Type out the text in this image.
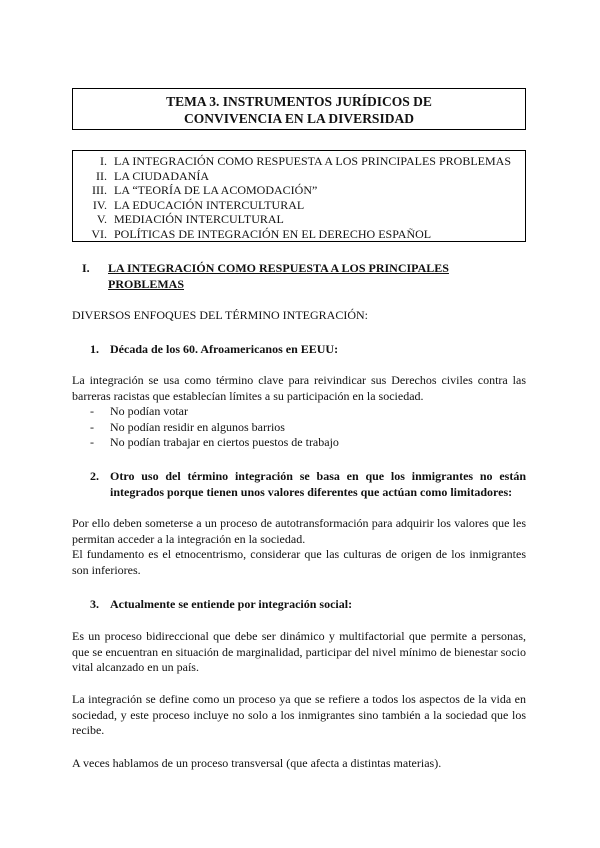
TEMA 3. INSTRUMENTOS JURÍDICOS DE
CONVIVENCIA EN LA DIVERSIDAD
I. LA INTEGRACIÓN COMO RESPUESTA A LOS PRINCIPALES PROBLEMAS
II. LA CIUDADANÍA
III. LA “TEORÍA DE LA ACOMODACIÓN”
IV. LA EDUCACIÓN INTERCULTURAL
V. MEDIACIÓN INTERCULTURAL
VI. POLÍTICAS DE INTEGRACIÓN EN EL DERECHO ESPAÑOL
I.	LA INTEGRACIÓN COMO RESPUESTA A LOS PRINCIPALES PROBLEMAS
DIVERSOS ENFOQUES DEL TÉRMINO INTEGRACIÓN:
1. Década de los 60. Afroamericanos en EEUU:
La integración se usa como término clave para reivindicar sus Derechos civiles contra las barreras racistas que establecían límites a su participación en la sociedad.
-	No podían votar
-	No podían residir en algunos barrios
-	No podían trabajar en ciertos puestos de trabajo
2. Otro uso del término integración se basa en que los inmigrantes no están integrados porque tienen unos valores diferentes que actúan como limitadores:
Por ello deben someterse a un proceso de autotransformación para adquirir los valores que les permitan acceder a la integración en la sociedad.
El fundamento es el etnocentrismo, considerar que las culturas de origen de los inmigrantes son inferiores.
3. Actualmente se entiende por integración social:
Es un proceso bidireccional que debe ser dinámico y multifactorial que permite a personas, que se encuentran en situación de marginalidad, participar del nivel mínimo de bienestar socio vital alcanzado en un país.
La integración se define como un proceso ya que se refiere a todos los aspectos de la vida en sociedad, y este proceso incluye no solo a los inmigrantes sino también a la sociedad que los recibe.
A veces hablamos de un proceso transversal (que afecta a distintas materias).
